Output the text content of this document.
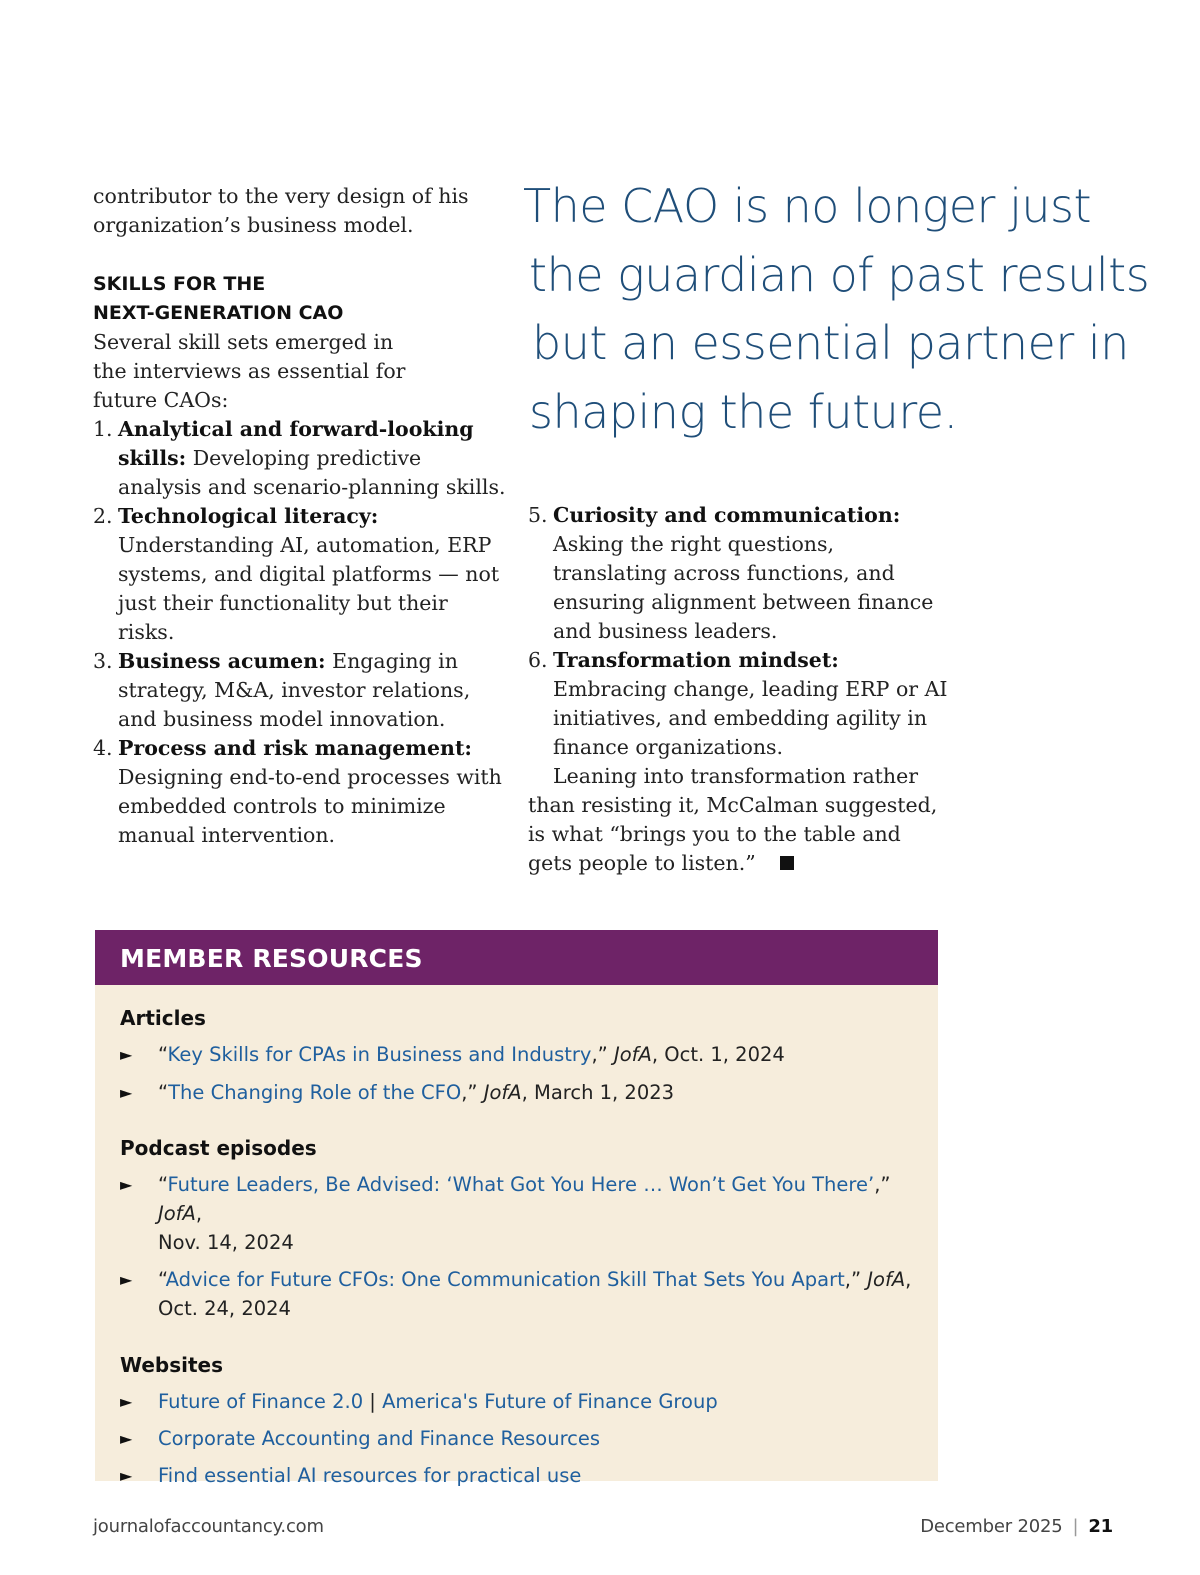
contributor to the very design of his
organization’s business model.

SKILLS FOR THE
NEXT-GENERATION CAO

Several skill sets emerged in
the interviews as essential for
future CAOs:

1. Analytical and forward-looking skills: Developing predictive analysis and scenario-planning skills.
2. Technological literacy: Understanding AI, automation, ERP systems, and digital platforms — not just their functionality but their risks.
3. Business acumen: Engaging in strategy, M&A, investor relations, and business model innovation.
4. Process and risk management: Designing end-to-end processes with embedded controls to minimize manual intervention.
The CAO is no longer just
the guardian of past results
but an essential partner in
shaping the future.
5. Curiosity and communication: Asking the right questions, translating across functions, and ensuring alignment between finance and business leaders.
6. Transformation mindset: Embracing change, leading ERP or AI initiatives, and embedding agility in finance organizations.

Leaning into transformation rather than resisting it, McCalman suggested, is what “brings you to the table and gets people to listen.”

MEMBER RESOURCES
Articles
► “Key Skills for CPAs in Business and Industry,” JofA, Oct. 1, 2024
► “The Changing Role of the CFO,” JofA, March 1, 2023
Podcast episodes
► “Future Leaders, Be Advised: ‘What Got You Here … Won’t Get You There’,” JofA,
Nov. 14, 2024
► “Advice for Future CFOs: One Communication Skill That Sets You Apart,” JofA,
Oct. 24, 2024
Websites
► Future of Finance 2.0 | America's Future of Finance Group
► Corporate Accounting and Finance Resources
► Find essential AI resources for practical use
journalofaccountancy.com	December 2025 | 21
